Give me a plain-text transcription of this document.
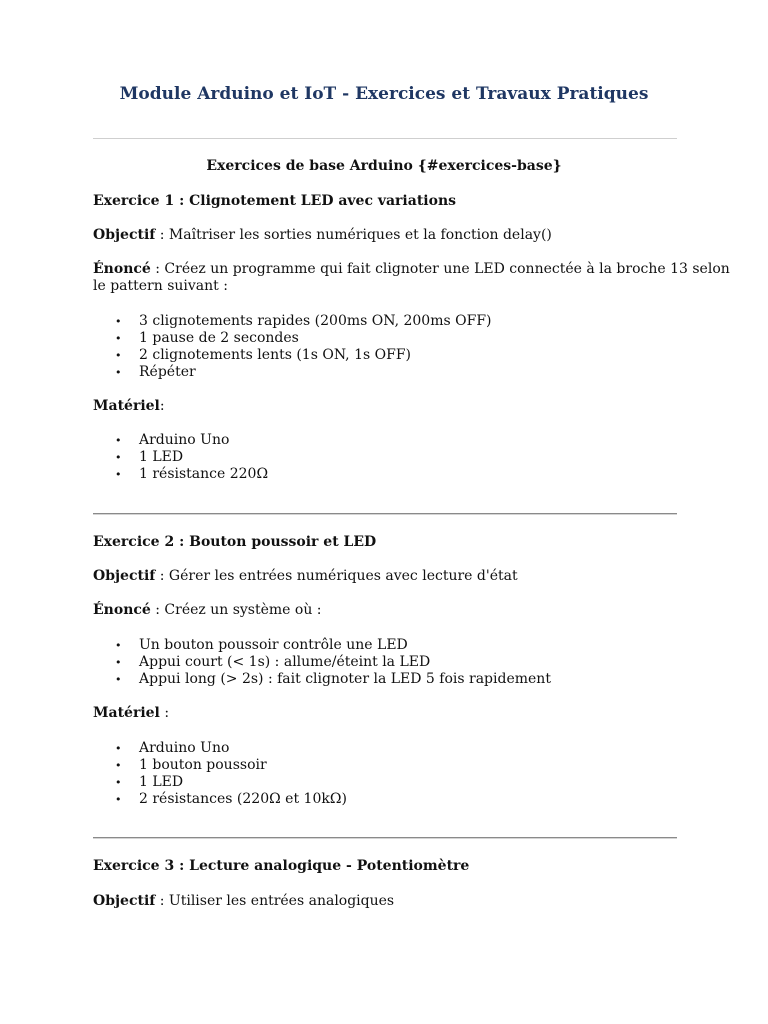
Module Arduino et IoT - Exercices et Travaux Pratiques
Exercices de base Arduino {#exercices-base}
Exercice 1 : Clignotement LED avec variations
Objectif : Maîtriser les sorties numériques et la fonction delay()
Énoncé : Créez un programme qui fait clignoter une LED connectée à la broche 13 selon
le pattern suivant :
• 3 clignotements rapides (200ms ON, 200ms OFF)
• 1 pause de 2 secondes
• 2 clignotements lents (1s ON, 1s OFF)
• Répéter
Matériel:
• Arduino Uno
• 1 LED
• 1 résistance 220Ω
Exercice 2 : Bouton poussoir et LED
Objectif : Gérer les entrées numériques avec lecture d'état
Énoncé : Créez un système où :
• Un bouton poussoir contrôle une LED
• Appui court (< 1s) : allume/éteint la LED
• Appui long (> 2s) : fait clignoter la LED 5 fois rapidement
Matériel :
• Arduino Uno
• 1 bouton poussoir
• 1 LED
• 2 résistances (220Ω et 10kΩ)
Exercice 3 : Lecture analogique - Potentiomètre
Objectif : Utiliser les entrées analogiques
